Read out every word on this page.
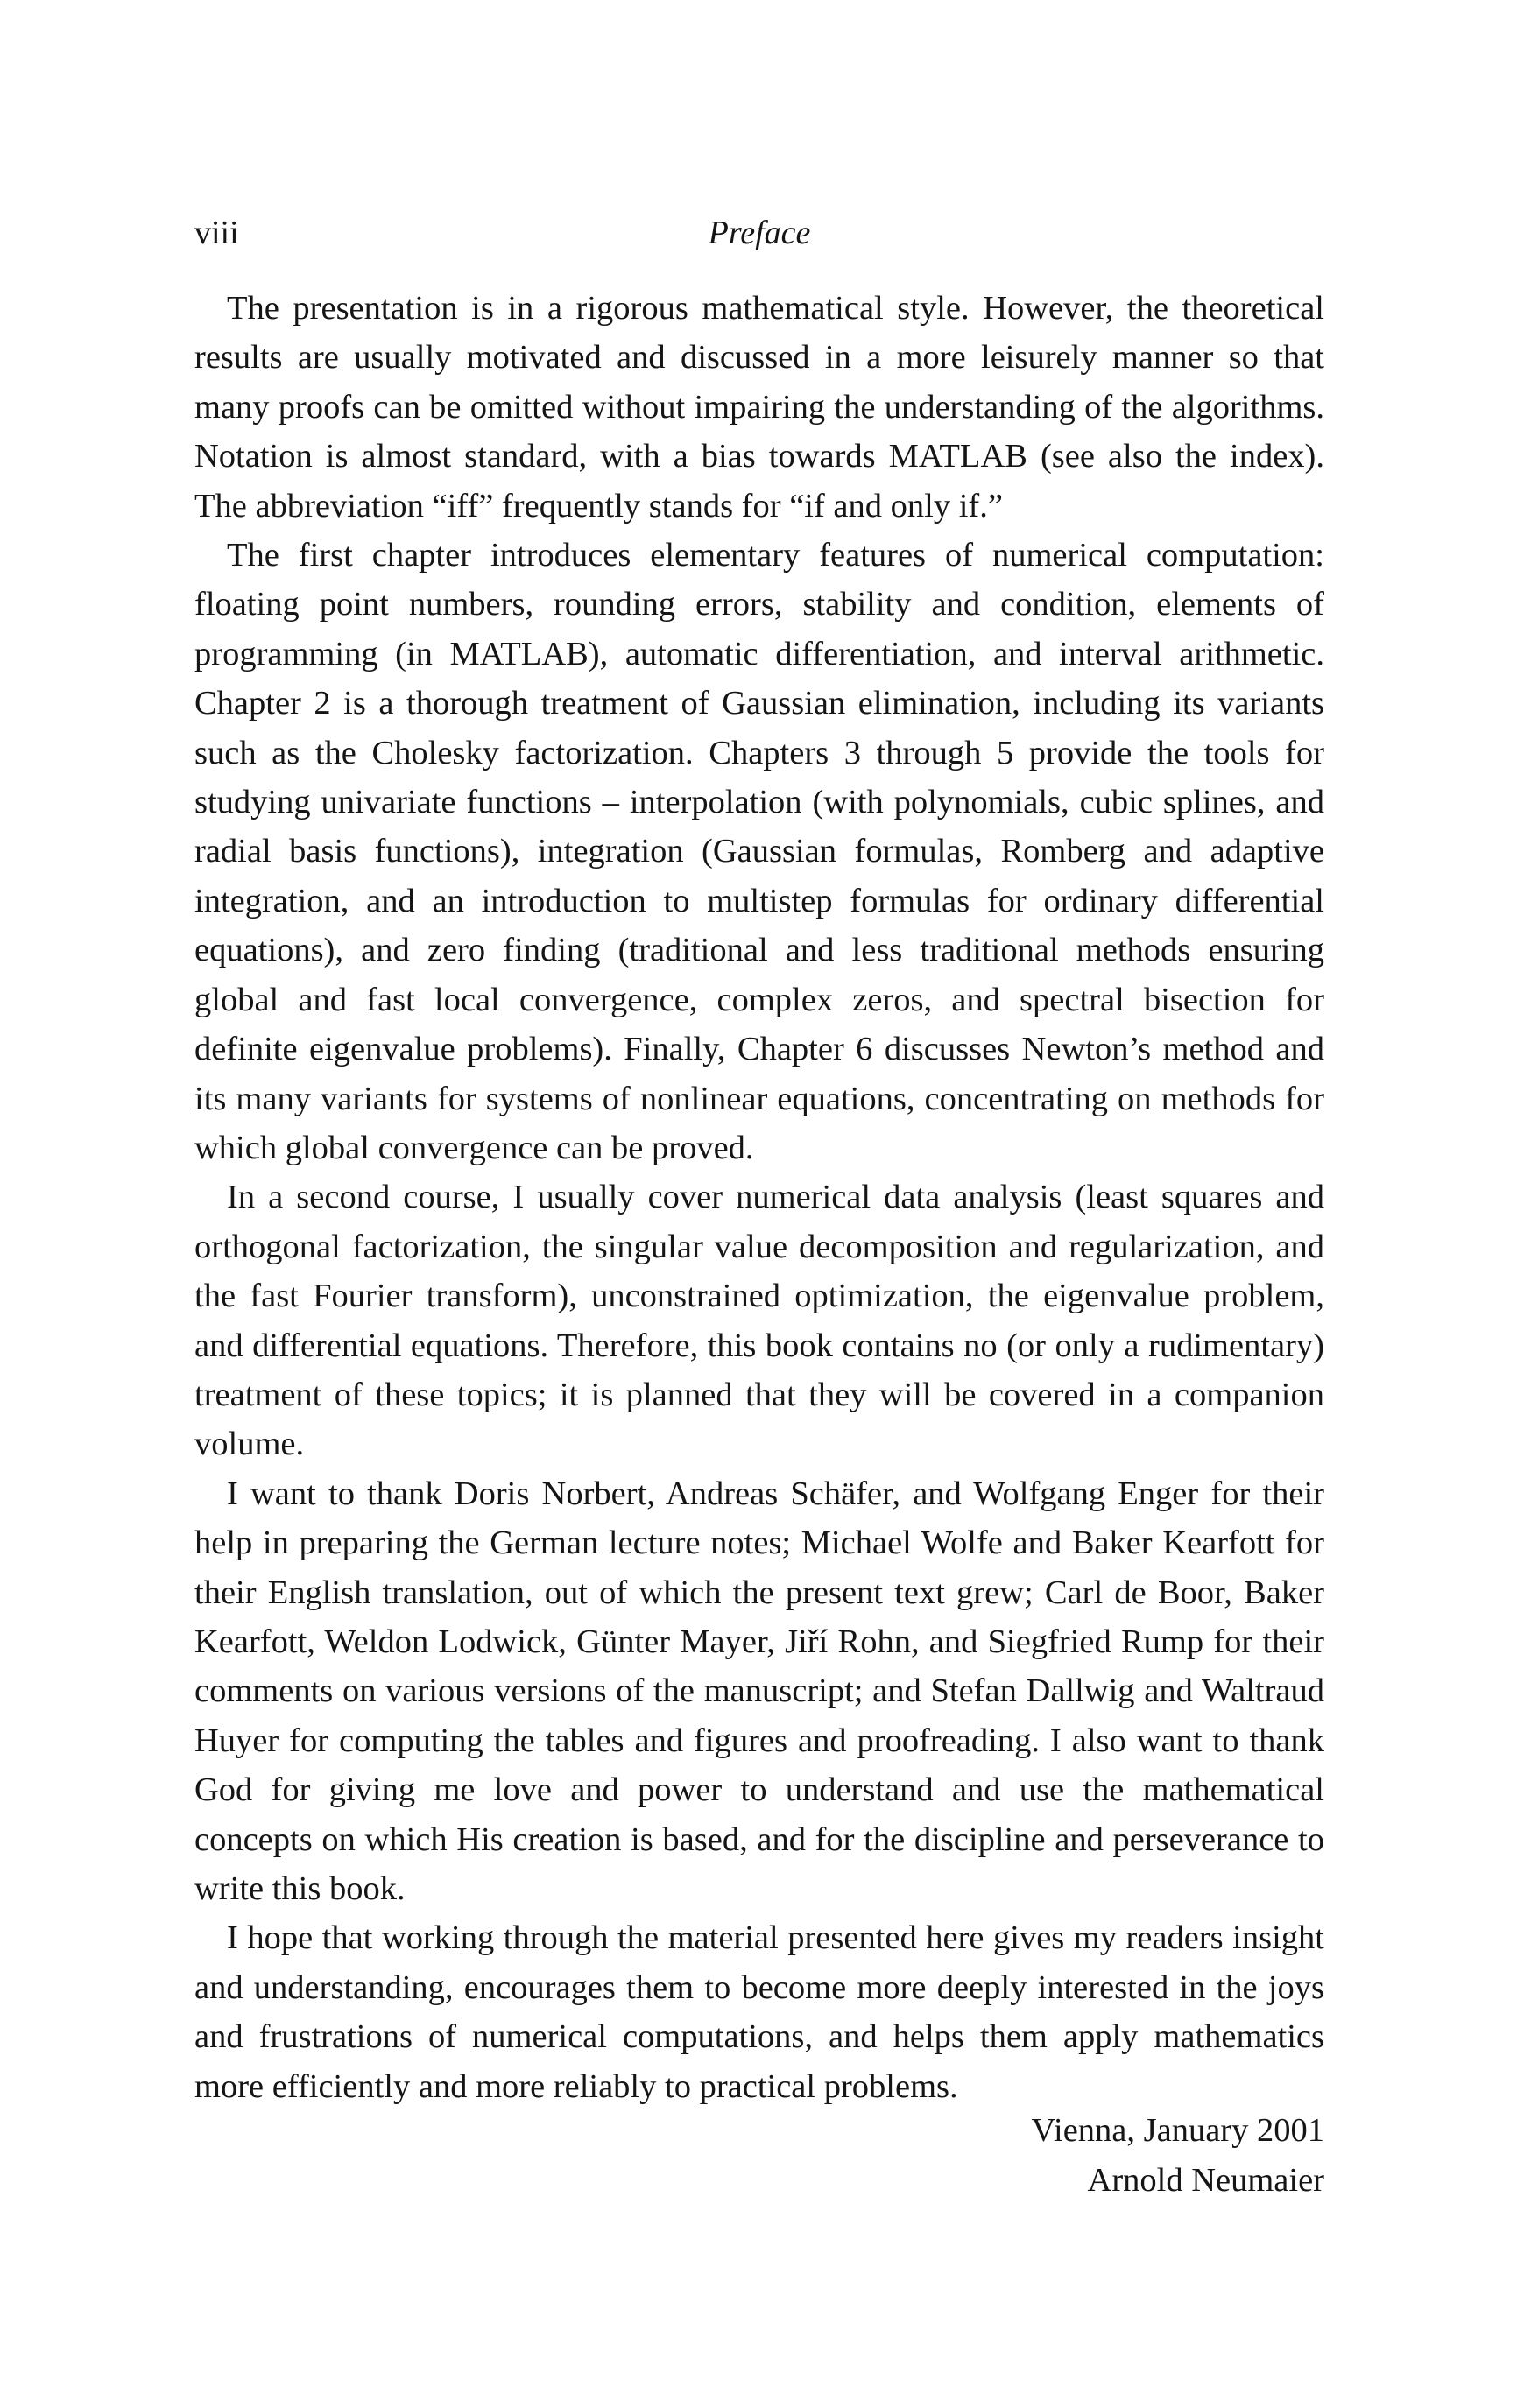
viii	Preface

The presentation is in a rigorous mathematical style. However, the theoretical results are usually motivated and discussed in a more leisurely manner so that many proofs can be omitted without impairing the understanding of the algorithms. Notation is almost standard, with a bias towards MATLAB (see also the index). The abbreviation “iff” frequently stands for “if and only if.”

The first chapter introduces elementary features of numerical computation: floating point numbers, rounding errors, stability and condition, elements of programming (in MATLAB), automatic differentiation, and interval arithmetic. Chapter 2 is a thorough treatment of Gaussian elimination, including its variants such as the Cholesky factorization. Chapters 3 through 5 provide the tools for studying univariate functions – interpolation (with polynomials, cubic splines, and radial basis functions), integration (Gaussian formulas, Romberg and adaptive integration, and an introduction to multistep formulas for ordinary differential equations), and zero finding (traditional and less traditional methods ensuring global and fast local convergence, complex zeros, and spectral bisection for definite eigenvalue problems). Finally, Chapter 6 discusses Newton’s method and its many variants for systems of nonlinear equations, concentrating on methods for which global convergence can be proved.

In a second course, I usually cover numerical data analysis (least squares and orthogonal factorization, the singular value decomposition and regularization, and the fast Fourier transform), unconstrained optimization, the eigenvalue problem, and differential equations. Therefore, this book contains no (or only a rudimentary) treatment of these topics; it is planned that they will be covered in a companion volume.

I want to thank Doris Norbert, Andreas Schäfer, and Wolfgang Enger for their help in preparing the German lecture notes; Michael Wolfe and Baker Kearfott for their English translation, out of which the present text grew; Carl de Boor, Baker Kearfott, Weldon Lodwick, Günter Mayer, Jiří Rohn, and Siegfried Rump for their comments on various versions of the manuscript; and Stefan Dallwig and Waltraud Huyer for computing the tables and figures and proofreading. I also want to thank God for giving me love and power to understand and use the mathematical concepts on which His creation is based, and for the discipline and perseverance to write this book.

I hope that working through the material presented here gives my readers insight and understanding, encourages them to become more deeply interested in the joys and frustrations of numerical computations, and helps them apply mathematics more efficiently and more reliably to practical problems.

Vienna, January 2001
Arnold Neumaier
